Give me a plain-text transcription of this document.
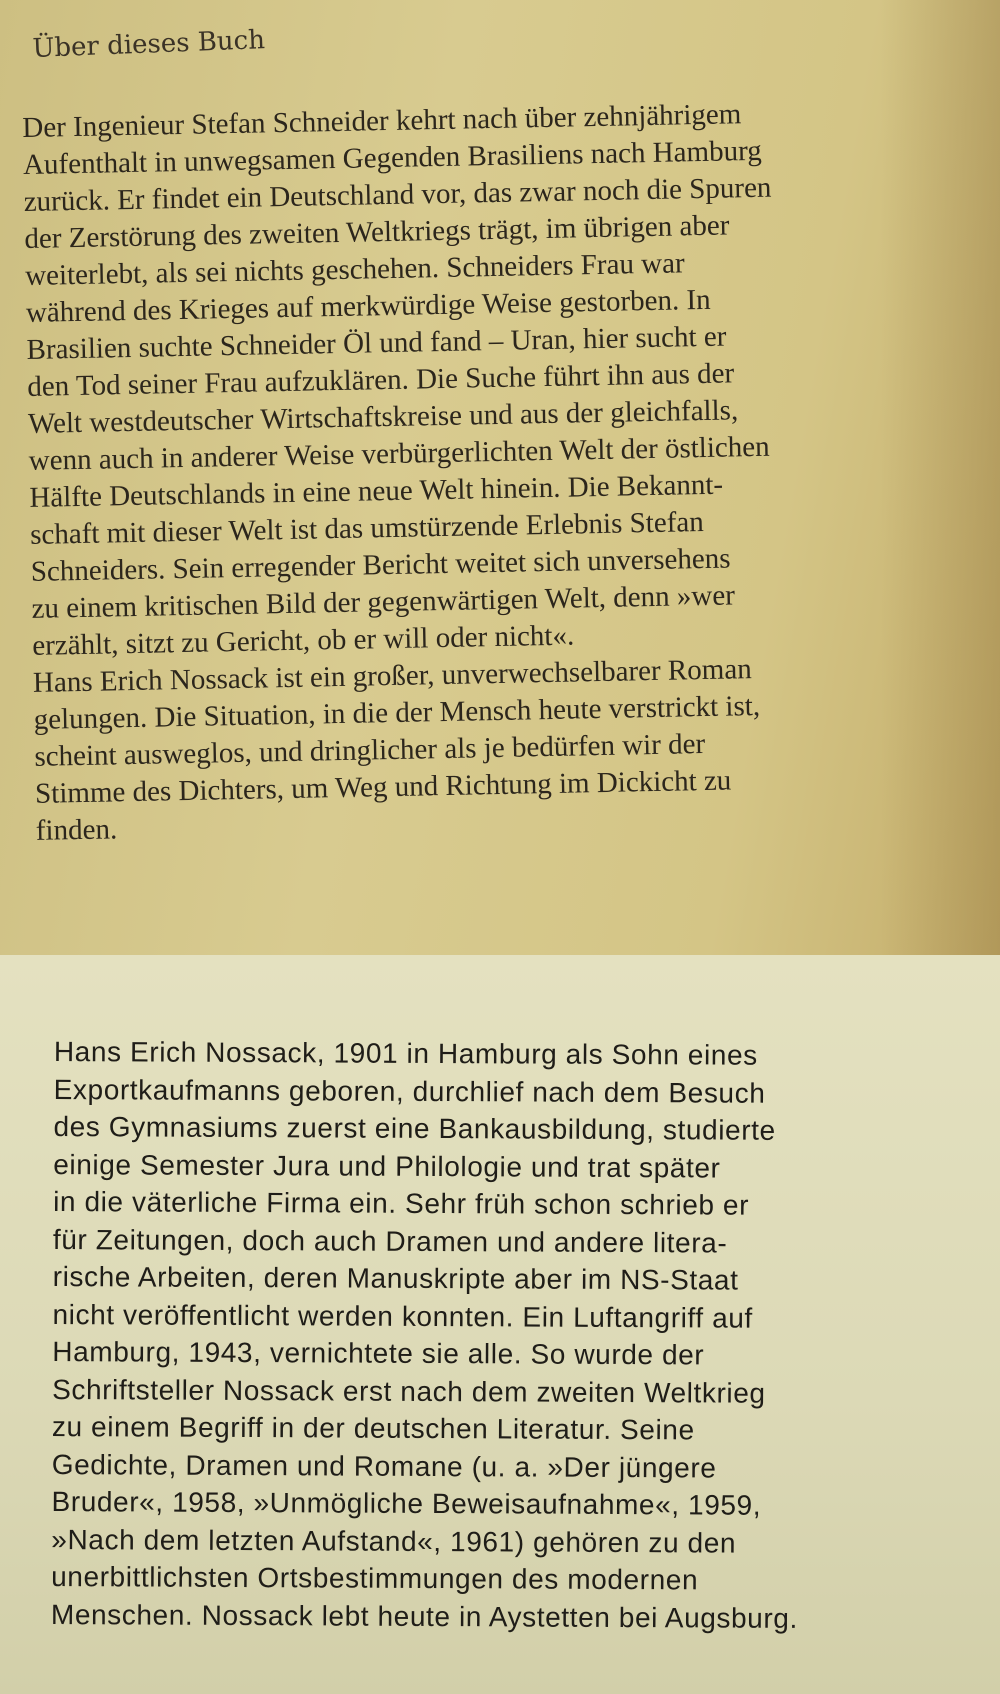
Über dieses Buch
Der Ingenieur Stefan Schneider kehrt nach über zehnjährigem
Aufenthalt in unwegsamen Gegenden Brasiliens nach Hamburg
zurück. Er findet ein Deutschland vor, das zwar noch die Spuren
der Zerstörung des zweiten Weltkriegs trägt, im übrigen aber
weiterlebt, als sei nichts geschehen. Schneiders Frau war
während des Krieges auf merkwürdige Weise gestorben. In
Brasilien suchte Schneider Öl und fand – Uran, hier sucht er
den Tod seiner Frau aufzuklären. Die Suche führt ihn aus der
Welt westdeutscher Wirtschaftskreise und aus der gleichfalls,
wenn auch in anderer Weise verbürgerlichten Welt der östlichen
Hälfte Deutschlands in eine neue Welt hinein. Die Bekannt-
schaft mit dieser Welt ist das umstürzende Erlebnis Stefan
Schneiders. Sein erregender Bericht weitet sich unversehens
zu einem kritischen Bild der gegenwärtigen Welt, denn »wer
erzählt, sitzt zu Gericht, ob er will oder nicht«.
Hans Erich Nossack ist ein großer, unverwechselbarer Roman
gelungen. Die Situation, in die der Mensch heute verstrickt ist,
scheint ausweglos, und dringlicher als je bedürfen wir der
Stimme des Dichters, um Weg und Richtung im Dickicht zu
finden.
Hans Erich Nossack, 1901 in Hamburg als Sohn eines
Exportkaufmanns geboren, durchlief nach dem Besuch
des Gymnasiums zuerst eine Bankausbildung, studierte
einige Semester Jura und Philologie und trat später
in die väterliche Firma ein. Sehr früh schon schrieb er
für Zeitungen, doch auch Dramen und andere litera-
rische Arbeiten, deren Manuskripte aber im NS-Staat
nicht veröffentlicht werden konnten. Ein Luftangriff auf
Hamburg, 1943, vernichtete sie alle. So wurde der
Schriftsteller Nossack erst nach dem zweiten Weltkrieg
zu einem Begriff in der deutschen Literatur. Seine
Gedichte, Dramen und Romane (u. a. »Der jüngere
Bruder«, 1958, »Unmögliche Beweisaufnahme«, 1959,
»Nach dem letzten Aufstand«, 1961) gehören zu den
unerbittlichsten Ortsbestimmungen des modernen
Menschen. Nossack lebt heute in Aystetten bei Augsburg.
